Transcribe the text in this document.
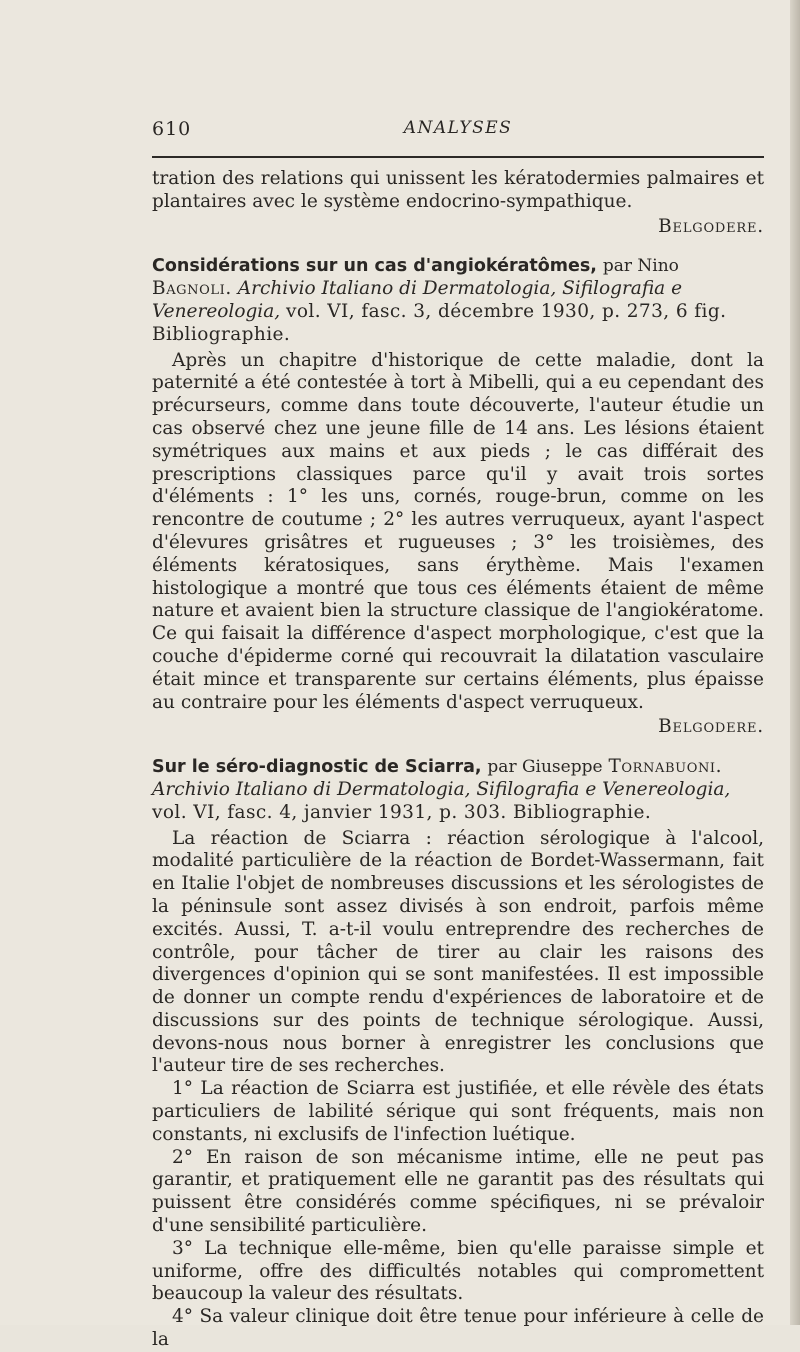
610	ANALYSES

tration des relations qui unissent les kératodermies palmaires et plantaires avec le système endocrino-sympathique.

Belgodere.

Considérations sur un cas d'angiokératômes, par Nino Bagnoli. Archivio Italiano di Dermatologia, Sifilografia e Venereologia, vol. VI, fasc. 3, décembre 1930, p. 273, 6 fig. Bibliographie.

Après un chapitre d'historique de cette maladie, dont la paternité a été contestée à tort à Mibelli, qui a eu cependant des précurseurs, comme dans toute découverte, l'auteur étudie un cas observé chez une jeune fille de 14 ans. Les lésions étaient symétriques aux mains et aux pieds ; le cas différait des prescriptions classiques parce qu'il y avait trois sortes d'éléments : 1° les uns, cornés, rouge-brun, comme on les rencontre de coutume ; 2° les autres verruqueux, ayant l'aspect d'élevures grisâtres et rugueuses ; 3° les troisièmes, des éléments kératosiques, sans érythème. Mais l'examen histologique a montré que tous ces éléments étaient de même nature et avaient bien la structure classique de l'angiokératome. Ce qui faisait la différence d'aspect morphologique, c'est que la couche d'épiderme corné qui recouvrait la dilatation vasculaire était mince et transparente sur certains éléments, plus épaisse au contraire pour les éléments d'aspect verruqueux.

Belgodere.

Sur le séro-diagnostic de Sciarra, par Giuseppe Tornabuoni. Archivio Italiano di Dermatologia, Sifilografia e Venereologia, vol. VI, fasc. 4, janvier 1931, p. 303. Bibliographie.

La réaction de Sciarra : réaction sérologique à l'alcool, modalité particulière de la réaction de Bordet-Wassermann, fait en Italie l'objet de nombreuses discussions et les sérologistes de la péninsule sont assez divisés à son endroit, parfois même excités. Aussi, T. a-t-il voulu entreprendre des recherches de contrôle, pour tâcher de tirer au clair les raisons des divergences d'opinion qui se sont manifestées. Il est impossible de donner un compte rendu d'expériences de laboratoire et de discussions sur des points de technique sérologique. Aussi, devons-nous nous borner à enregistrer les conclusions que l'auteur tire de ses recherches.

1° La réaction de Sciarra est justifiée, et elle révèle des états particuliers de labilité sérique qui sont fréquents, mais non constants, ni exclusifs de l'infection luétique.

2° En raison de son mécanisme intime, elle ne peut pas garantir, et pratiquement elle ne garantit pas des résultats qui puissent être considérés comme spécifiques, ni se prévaloir d'une sensibilité particulière.

3° La technique elle-même, bien qu'elle paraisse simple et uniforme, offre des difficultés notables qui compromettent beaucoup la valeur des résultats.

4° Sa valeur clinique doit être tenue pour inférieure à celle de la
